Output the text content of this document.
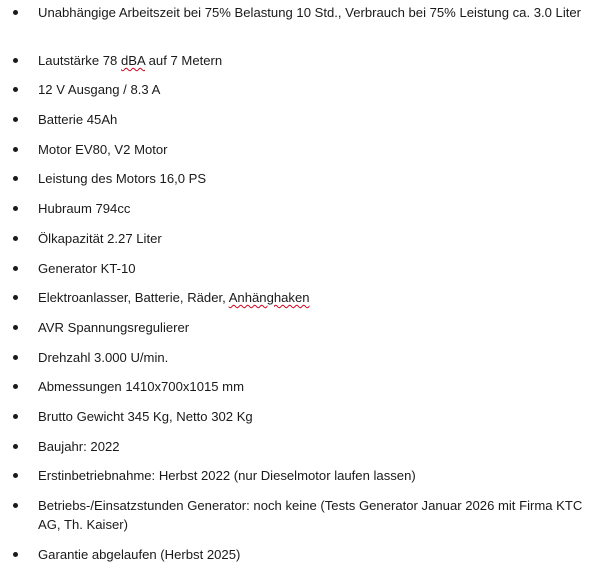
Unabhängige Arbeitszeit bei 75% Belastung 10 Std., Verbrauch bei 75% Leistung ca. 3.0 Liter
Lautstärke 78 dBA auf 7 Metern
12 V Ausgang / 8.3 A
Batterie 45Ah
Motor EV80, V2 Motor
Leistung des Motors 16,0 PS
Hubraum 794cc
Ölkapazität 2.27 Liter
Generator KT-10
Elektroanlasser, Batterie, Räder, Anhänghaken
AVR Spannungsregulierer
Drehzahl 3.000 U/min.
Abmessungen 1410x700x1015 mm
Brutto Gewicht 345 Kg, Netto 302 Kg
Baujahr: 2022
Erstinbetriebnahme: Herbst 2022 (nur Dieselmotor laufen lassen)
Betriebs-/Einsatzstunden Generator: noch keine (Tests Generator Januar 2026 mit Firma KTC AG, Th. Kaiser)
Garantie abgelaufen (Herbst 2025)
